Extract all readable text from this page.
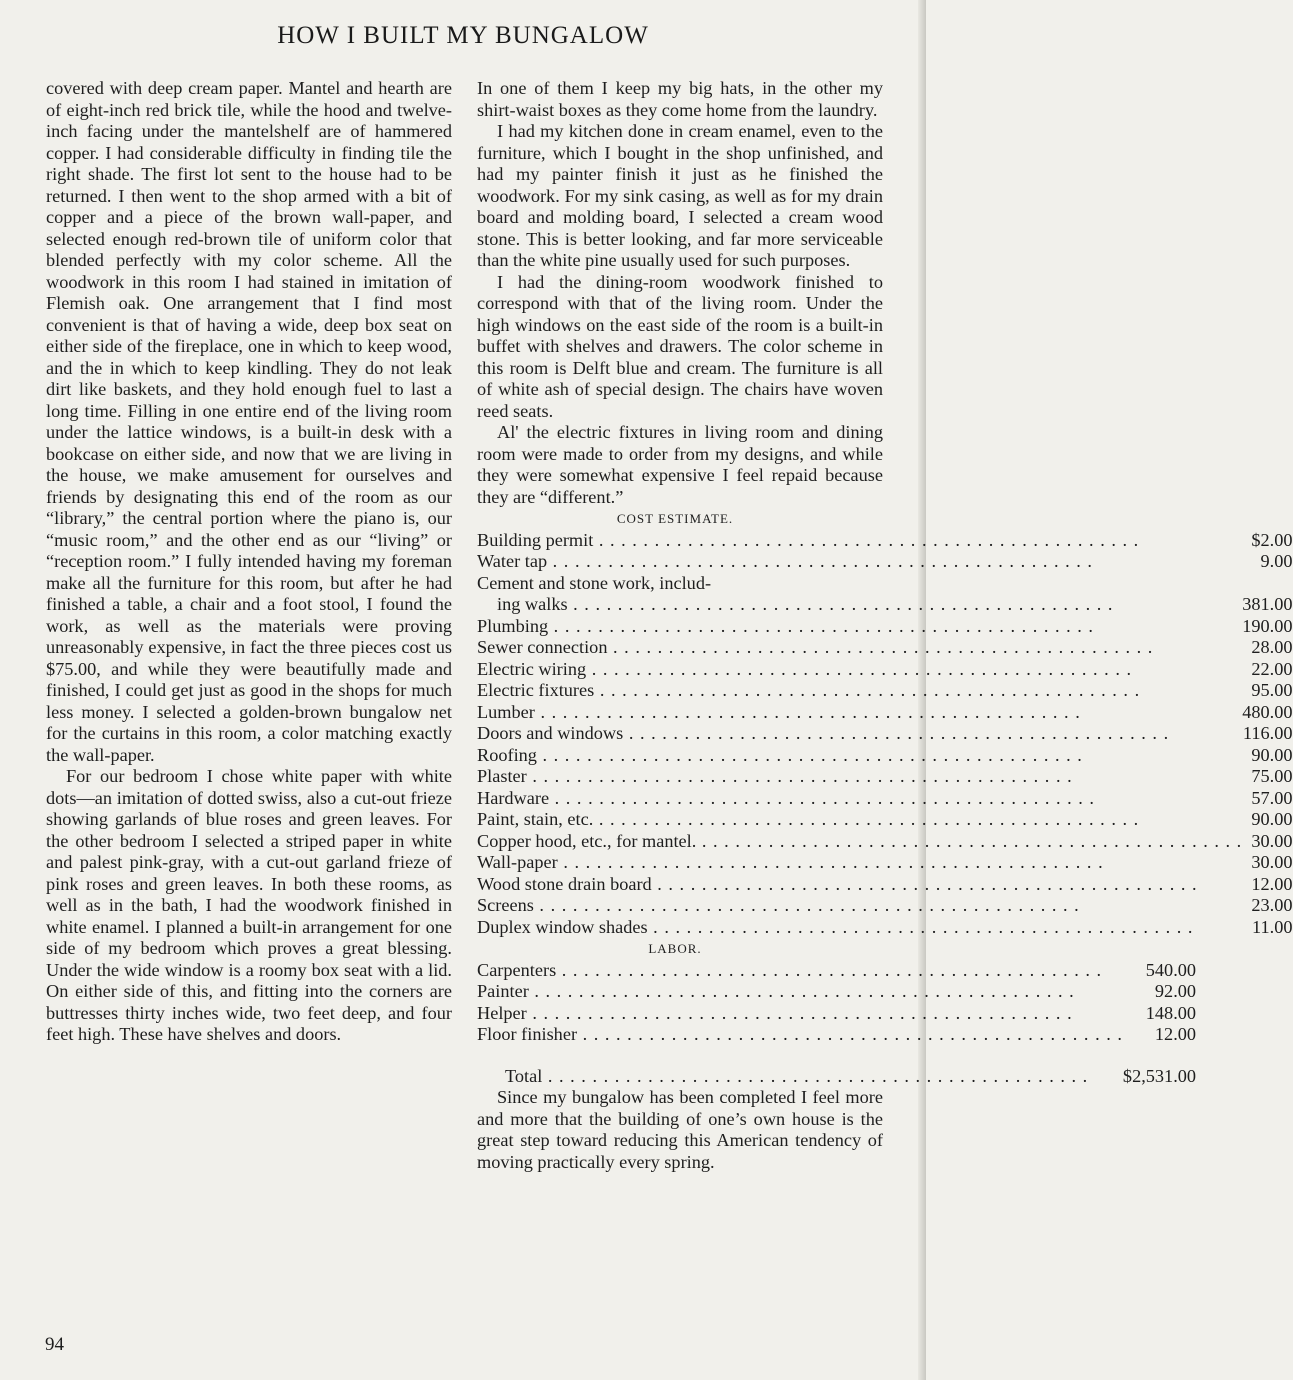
HOW I BUILT MY BUNGALOW

covered with deep cream paper. Mantel and hearth are of eight-inch red brick tile, while the hood and twelve-inch facing under the mantelshelf are of hammered copper. I had considerable difficulty in finding tile the right shade. The first lot sent to the house had to be returned. I then went to the shop armed with a bit of copper and a piece of the brown wall-paper, and selected enough red-brown tile of uniform color that blended perfectly with my color scheme. All the woodwork in this room I had stained in imitation of Flemish oak. One arrangement that I find most convenient is that of having a wide, deep box seat on either side of the fireplace, one in which to keep wood, and the in which to keep kindling. They do not leak dirt like baskets, and they hold enough fuel to last a long time. Filling in one entire end of the living room under the lattice windows, is a built-in desk with a bookcase on either side, and now that we are living in the house, we make amusement for ourselves and friends by designating this end of the room as our “library,” the central portion where the piano is, our “music room,” and the other end as our “living” or “reception room.” I fully intended having my foreman make all the furniture for this room, but after he had finished a table, a chair and a foot stool, I found the work, as well as the materials were proving unreasonably expensive, in fact the three pieces cost us $75.00, and while they were beautifully made and finished, I could get just as good in the shops for much less money. I selected a golden-brown bungalow net for the curtains in this room, a color matching exactly the wall-paper.

For our bedroom I chose white paper with white dots—an imitation of dotted swiss, also a cut-out frieze showing garlands of blue roses and green leaves. For the other bedroom I selected a striped paper in white and palest pink-gray, with a cut-out garland frieze of pink roses and green leaves. In both these rooms, as well as in the bath, I had the woodwork finished in white enamel. I planned a built-in arrangement for one side of my bedroom which proves a great blessing. Under the wide window is a roomy box seat with a lid. On either side of this, and fitting into the corners are buttresses thirty inches wide, two feet deep, and four feet high. These have shelves and doors.

In one of them I keep my big hats, in the other my shirt-waist boxes as they come home from the laundry.

I had my kitchen done in cream enamel, even to the furniture, which I bought in the shop unfinished, and had my painter finish it just as he finished the woodwork. For my sink casing, as well as for my drain board and molding board, I selected a cream wood stone. This is better looking, and far more serviceable than the white pine usually used for such purposes.

I had the dining-room woodwork finished to correspond with that of the living room. Under the high windows on the east side of the room is a built-in buffet with shelves and drawers. The color scheme in this room is Delft blue and cream. The furniture is all of white ash of special design. The chairs have woven reed seats.

Al' the electric fixtures in living room and dining room were made to order from my designs, and while they were somewhat expensive I feel repaid because they are “different.”

COST ESTIMATE.
Building permit . . .	$2.00
Water tap . . .	9.00
Cement and stone work, includ-	
ing walks . . .	381.00
Plumbing . . .	190.00
Sewer connection . . .	28.00
Electric wiring . . .	22.00
Electric fixtures . . .	95.00
Lumber . . .	480.00
Doors and windows . . .	116.00
Roofing . . .	90.00
Plaster . . .	75.00
Hardware . . .	57.00
Paint, stain, etc. . . .	90.00
Copper hood, etc., for mantel. . . .	30.00
Wall-paper . . .	30.00
Wood stone drain board . . .	12.00
Screens . . .	23.00
Duplex window shades . . .	11.00
LABOR.
Carpenters . . .	540.00
Painter . . .	92.00
Helper . . .	148.00
Floor finisher . . .	12.00

Total . . .	$2,531.00

Since my bungalow has been completed I feel more and more that the building of one’s own house is the great step toward reducing this American tendency of moving practically every spring.

94
